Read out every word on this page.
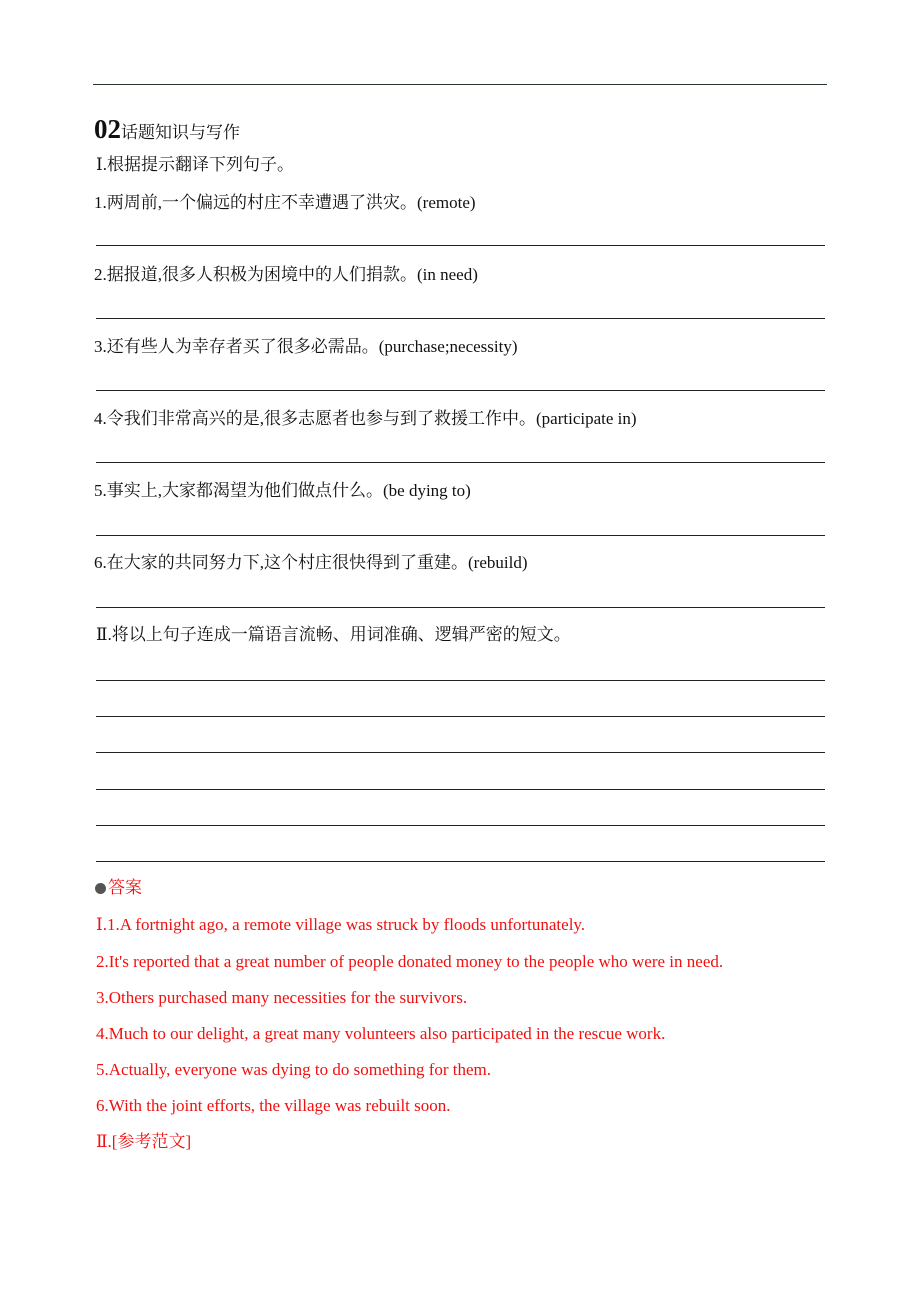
02话题知识与写作
Ⅰ.根据提示翻译下列句子。
1.两周前,一个偏远的村庄不幸遭遇了洪灾。(remote)
2.据报道,很多人积极为困境中的人们捐款。(in need)
3.还有些人为幸存者买了很多必需品。(purchase;necessity)
4.令我们非常高兴的是,很多志愿者也参与到了救援工作中。(participate in)
5.事实上,大家都渴望为他们做点什么。(be dying to)
6.在大家的共同努力下,这个村庄很快得到了重建。(rebuild)
Ⅱ.将以上句子连成一篇语言流畅、用词准确、逻辑严密的短文。
答案
Ⅰ.1.A fortnight ago, a remote village was struck by floods unfortunately.
2.It's reported that a great number of people donated money to the people who were in need.
3.Others purchased many necessities for the survivors.
4.Much to our delight, a great many volunteers also participated in the rescue work.
5.Actually, everyone was dying to do something for them.
6.With the joint efforts, the village was rebuilt soon.
Ⅱ.[参考范文]
